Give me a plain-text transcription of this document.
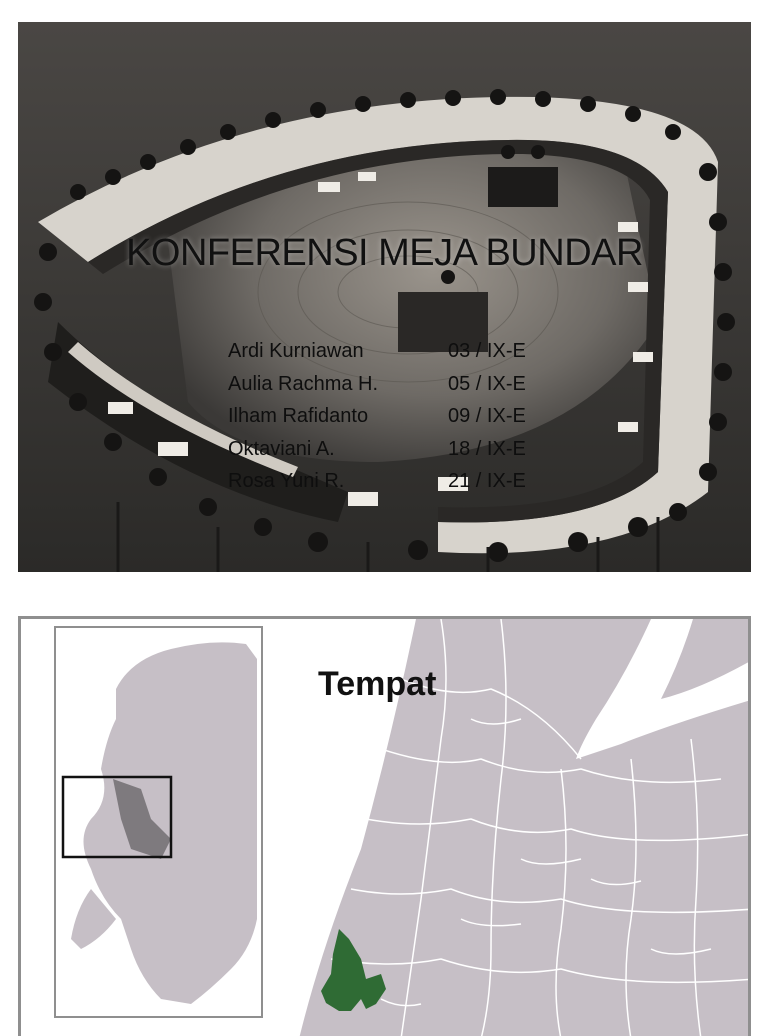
KONFERENSI MEJA BUNDAR
Ardi Kurniawan	03 / IX-E
Aulia Rachma H.	05 / IX-E
Ilham Rafidanto	09 / IX-E
Oktaviani A.	18 / IX-E
Rosa Yuni R.	21 / IX-E
Tempat
